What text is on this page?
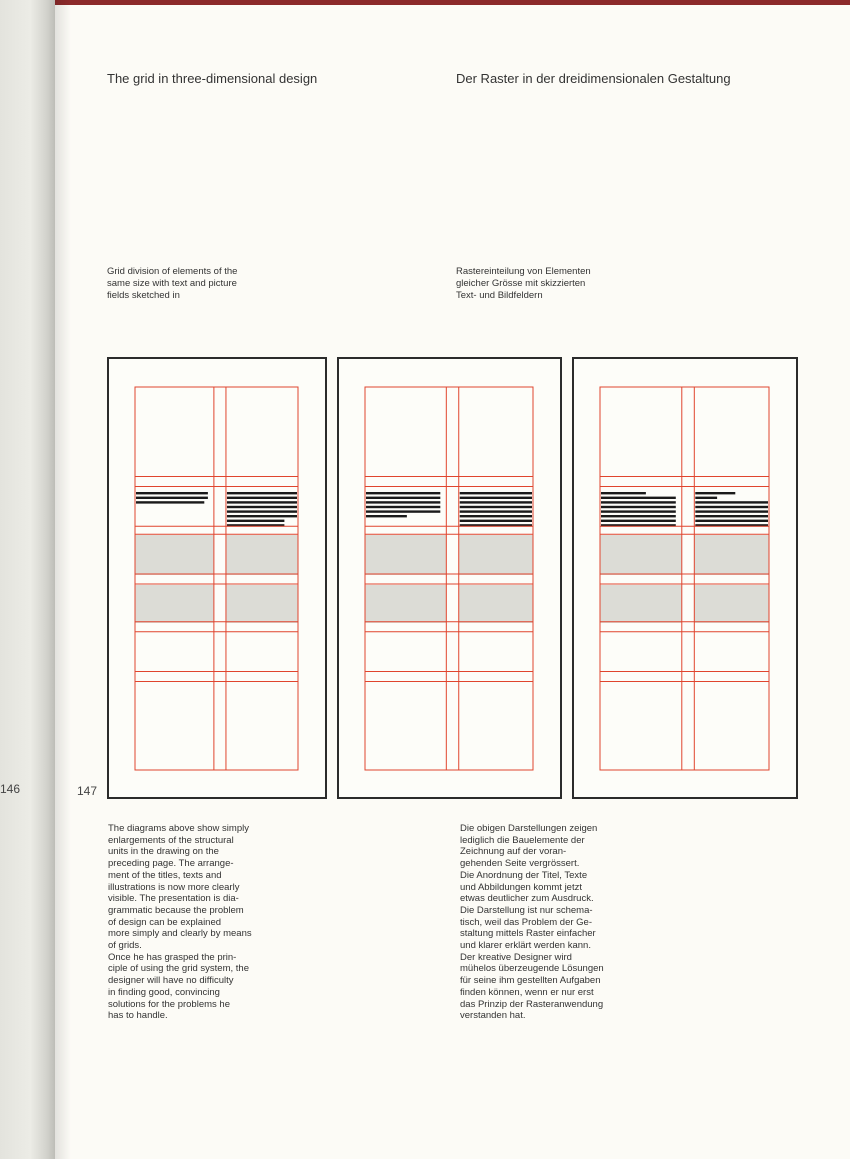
146	147
The grid in three-dimensional design	Der Raster in der dreidimensionalen Gestaltung
Grid division of elements of the
same size with text and picture
fields sketched in
Rastereinteilung von Elementen
gleicher Grösse mit skizzierten
Text- und Bildfeldern
The diagrams above show simply
enlargements of the structural
units in the drawing on the
preceding page. The arrange-
ment of the titles, texts and
illustrations is now more clearly
visible. The presentation is dia-
grammatic because the problem
of design can be explained
more simply and clearly by means
of grids.
Once he has grasped the prin-
ciple of using the grid system, the
designer will have no difficulty
in finding good, convincing
solutions for the problems he
has to handle.
Die obigen Darstellungen zeigen
lediglich die Bauelemente der
Zeichnung auf der voran-
gehenden Seite vergrössert.
Die Anordnung der Titel, Texte
und Abbildungen kommt jetzt
etwas deutlicher zum Ausdruck.
Die Darstellung ist nur schema-
tisch, weil das Problem der Ge-
staltung mittels Raster einfacher
und klarer erklärt werden kann.
Der kreative Designer wird
mühelos überzeugende Lösungen
für seine ihm gestellten Aufgaben
finden können, wenn er nur erst
das Prinzip der Rasteranwendung
verstanden hat.
